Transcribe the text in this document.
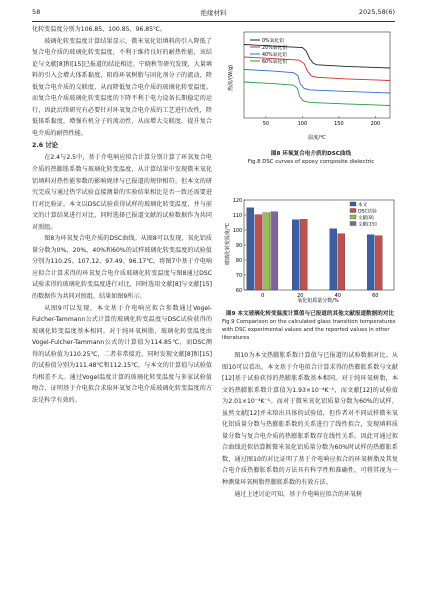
58	绝缘材料	2025,58(6)

化转变温度分别为106.85、100.85、96.85℃。

玻璃化转变温度计算结果显示，微米氧化铝填料的引入降低了复合电介质的玻璃化转变温度，不利于维持良好的耐热性能，该结论与文献[8]和[15]已报道的结论相近。宁晓秋等研究发现，大量填料的引入会增大体系黏度，阻碍环氧树脂与固化剂分子的流动，降低复合电介质的交联度，从而降低复合电介质的玻璃化转变温度。而复合电介质玻璃化转变温度的下降不利于电力设备长期稳定的运行，因此后续研究有必要针对环氧复合电介质的工艺进行改性，降低体系黏度，增强有机分子的流动性，从而增大交联度，提升复合电介质的耐热性能。

2.6 讨论

在2.4与2.5中，基于介电响应拟合计算分别计算了环氧复合电介质的热膨胀系数与玻璃化转变温度，从计算结果中发现微米氧化铝填料对热性能参数的影响规律与已报道的规律相符。但本文的研究完成与通过热学试验直接测量的实验结果相比是否一致还需要进行对比验证。本文以DSC试验获得试样的玻璃化转变温度，并与前文的计算结果进行对比，同时选择已报道文献的试验数据作为共同对照组。

图8为环氧复合电介质的DSC曲线。从图8可以发现，氧化铝质量分数为0%、20%、40%和60%的试样玻璃化转变温度的试验值分别为110.25、107.12、97.49、96.17℃。将图7中基于介电响应拟合计算求得的环氧复合电介质玻璃化转变温度与图8通过DSC试验求得的玻璃化转变温度进行对比，同时选用文献[8]与文献[15]的数据作为共同对照组，结果如图9所示。

从图9可以发现，本文基于介电响应拟合参数通过Vogel-Fulcher-Tammann公式计算的玻璃化转变温度与DSC试验获得的玻璃化转变温度基本相同。对于纯环氧树脂，玻璃化转变温度由Vogel-Fulcher-Tammann公式的计算值为114.85℃，而DSC测得的试验值为110.25℃，二者非常接近。同时发现文献[8]和[15]的试验值分别为111.48℃和112.15℃，与本文的计算值与试验值均相差不大。通过Vogel温度计算的玻璃化转变温度与多家试验值吻合，证明基于介电拟合求取环氧复合电介质玻璃化转变温度的方法是科学有效的。

热流/(W/g)
温度/℃
50	100	150	200
0%氧化铝
20%氧化铝
40%氧化铝
60%氧化铝
图8 环氧复合电介质的DSC曲线
Fig.8 DSC curves of epoxy composite dielectric
玻璃化转变温度/℃
氧化铝质量分数/%
60
70
80
90
100
110
120
0	20	40	60
本文
DSC试验
文献[8]
文献[15]
图9 本文玻璃化转变温度计算值与已报道的其他文献报道数据的对比
Fig.9 Comparison on the calculated glass transition temperatures with DSC experimental values and the reported values in other literatures

图10为本文热膨胀系数计算值与已报道的试验数据对比。从图10可以看出，本文基于介电拟合计算求得的热膨胀系数与文献[12]基于试验获得的热膨胀系数基本相同。对于纯环氧树脂，本文的热膨胀系数计算值为1.93×10⁻⁴K⁻¹，而文献[12]的试验值为2.01×10⁻⁴K⁻¹。而对于微米氧化铝质量分数为60%的试样，虽然文献[12]并未给出具体的试验值，但作者对不同试样微米氧化铝质量分数与热膨胀系数的关系进行了线性拟合，发现填料质量分数与复合电介质的热膨胀系数存在线性关系。因此可通过拟合曲线近似估算断微米氧化铝质量分数为60%时试样的热膨胀系数，通过图10的对比证明了基于介电响应拟合的环氧树脂及其复合电介质热膨胀系数的方法具有科学性和准确性，可将其视为一种测量环氧树脂热膨胀系数的有效方法。

通过上述讨论可知，基于介电响应拟合的环氧树
